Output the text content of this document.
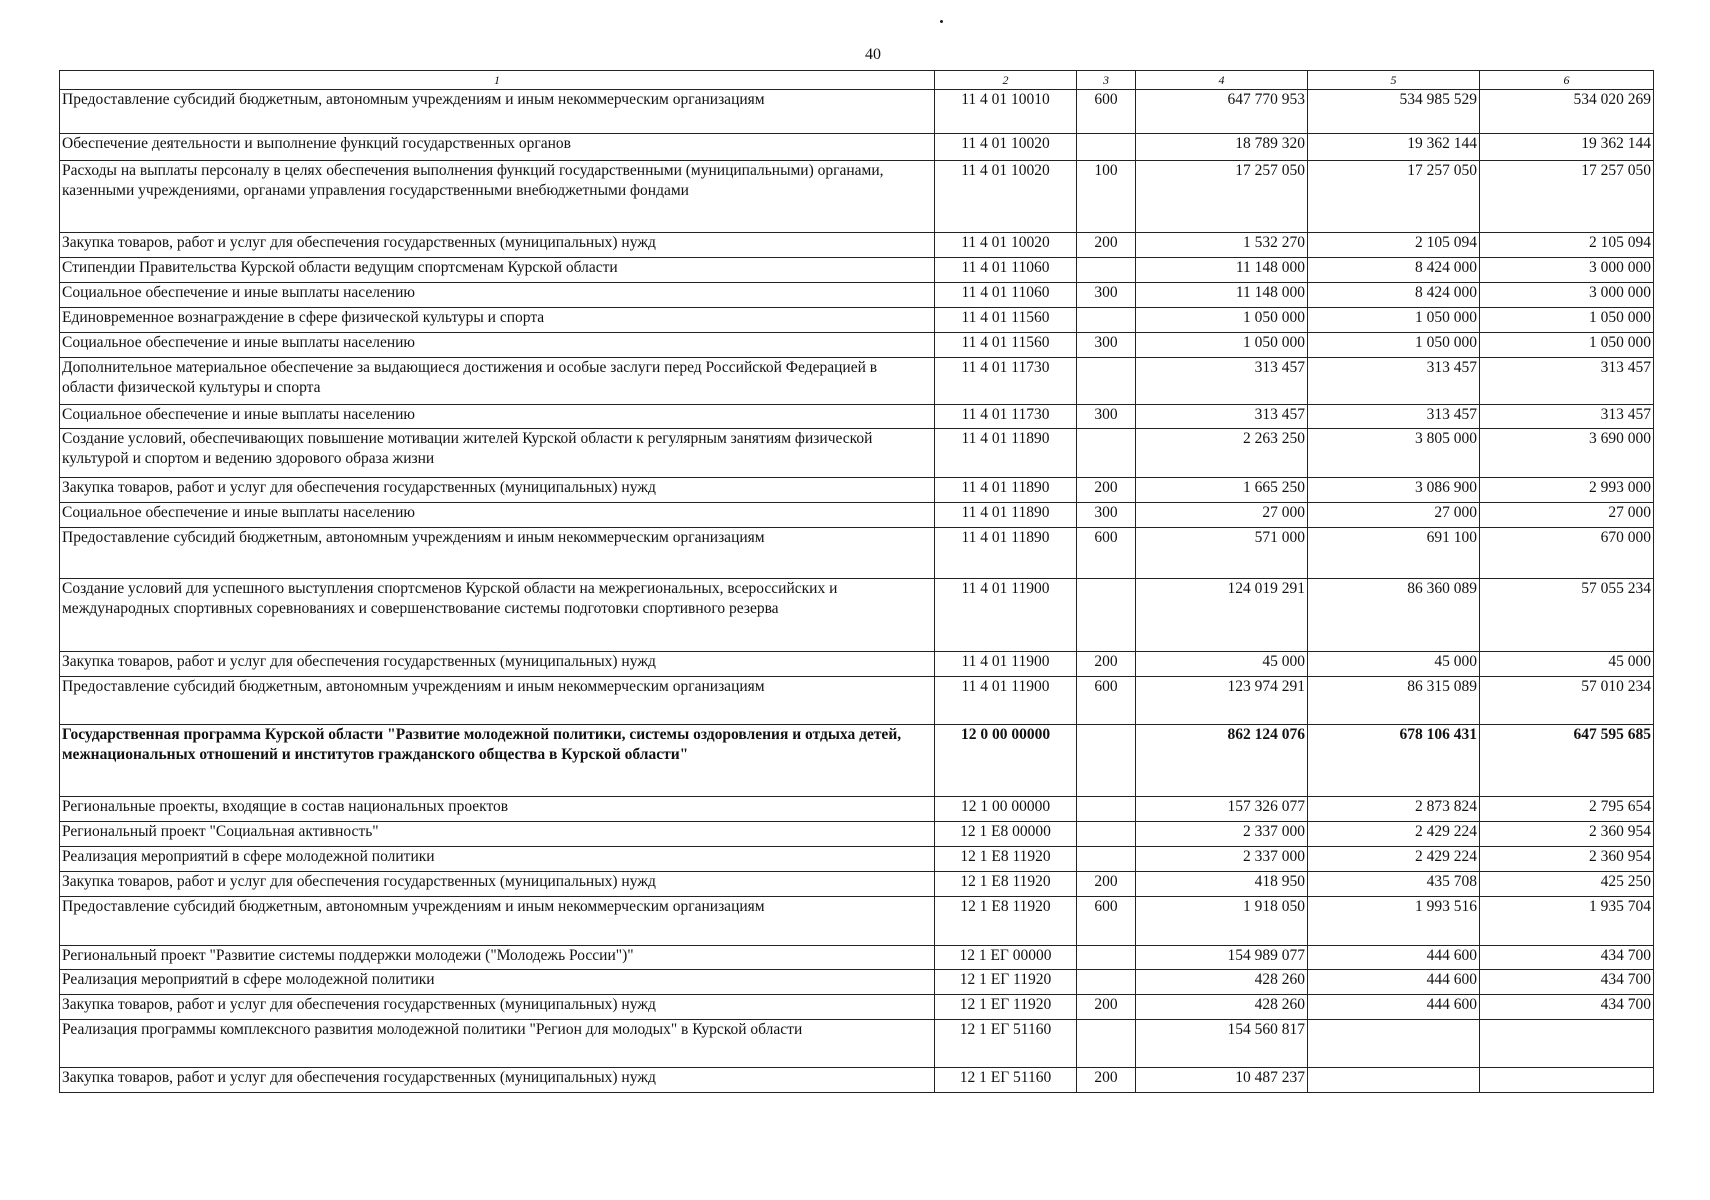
40
1	2	3	4	5	6
Предоставление субсидий бюджетным, автономным учреждениям и иным некоммерческим организациям	11 4 01 10010	600	647 770 953	534 985 529	534 020 269
Обеспечение деятельности и выполнение функций государственных органов	11 4 01 10020		18 789 320	19 362 144	19 362 144
Расходы на выплаты персоналу в целях обеспечения выполнения функций государственными (муниципальными) органами, казенными учреждениями, органами управления государственными внебюджетными фондами	11 4 01 10020	100	17 257 050	17 257 050	17 257 050
Закупка товаров, работ и услуг для обеспечения государственных (муниципальных) нужд	11 4 01 10020	200	1 532 270	2 105 094	2 105 094
Стипендии Правительства Курской области ведущим спортсменам Курской области	11 4 01 11060		11 148 000	8 424 000	3 000 000
Социальное обеспечение и иные выплаты населению	11 4 01 11060	300	11 148 000	8 424 000	3 000 000
Единовременное вознаграждение в сфере физической культуры и спорта	11 4 01 11560		1 050 000	1 050 000	1 050 000
Социальное обеспечение и иные выплаты населению	11 4 01 11560	300	1 050 000	1 050 000	1 050 000
Дополнительное материальное обеспечение за выдающиеся достижения и особые заслуги перед Российской Федерацией в области физической культуры и спорта	11 4 01 11730		313 457	313 457	313 457
Социальное обеспечение и иные выплаты населению	11 4 01 11730	300	313 457	313 457	313 457
Создание условий, обеспечивающих повышение мотивации жителей Курской области к регулярным занятиям физической культурой и спортом и ведению здорового образа жизни	11 4 01 11890		2 263 250	3 805 000	3 690 000
Закупка товаров, работ и услуг для обеспечения государственных (муниципальных) нужд	11 4 01 11890	200	1 665 250	3 086 900	2 993 000
Социальное обеспечение и иные выплаты населению	11 4 01 11890	300	27 000	27 000	27 000
Предоставление субсидий бюджетным, автономным учреждениям и иным некоммерческим организациям	11 4 01 11890	600	571 000	691 100	670 000
Создание условий для успешного выступления спортсменов Курской области на межрегиональных, всероссийских и международных спортивных соревнованиях и совершенствование системы подготовки спортивного резерва	11 4 01 11900		124 019 291	86 360 089	57 055 234
Закупка товаров, работ и услуг для обеспечения государственных (муниципальных) нужд	11 4 01 11900	200	45 000	45 000	45 000
Предоставление субсидий бюджетным, автономным учреждениям и иным некоммерческим организациям	11 4 01 11900	600	123 974 291	86 315 089	57 010 234
Государственная программа Курской области "Развитие молодежной политики, системы оздоровления и отдыха детей, межнациональных отношений и институтов гражданского общества в Курской области"	12 0 00 00000		862 124 076	678 106 431	647 595 685
Региональные проекты, входящие в состав национальных проектов	12 1 00 00000		157 326 077	2 873 824	2 795 654
Региональный проект "Социальная активность"	12 1 E8 00000		2 337 000	2 429 224	2 360 954
Реализация мероприятий в сфере молодежной политики	12 1 E8 11920		2 337 000	2 429 224	2 360 954
Закупка товаров, работ и услуг для обеспечения государственных (муниципальных) нужд	12 1 E8 11920	200	418 950	435 708	425 250
Предоставление субсидий бюджетным, автономным учреждениям и иным некоммерческим организациям	12 1 E8 11920	600	1 918 050	1 993 516	1 935 704
Региональный проект "Развитие системы поддержки молодежи ("Молодежь России")"	12 1 ЕГ 00000		154 989 077	444 600	434 700
Реализация мероприятий в сфере молодежной политики	12 1 ЕГ 11920		428 260	444 600	434 700
Закупка товаров, работ и услуг для обеспечения государственных (муниципальных) нужд	12 1 ЕГ 11920	200	428 260	444 600	434 700
Реализация программы комплексного развития молодежной политики "Регион для молодых" в Курской области	12 1 ЕГ 51160		154 560 817		
Закупка товаров, работ и услуг для обеспечения государственных (муниципальных) нужд	12 1 ЕГ 51160	200	10 487 237		
